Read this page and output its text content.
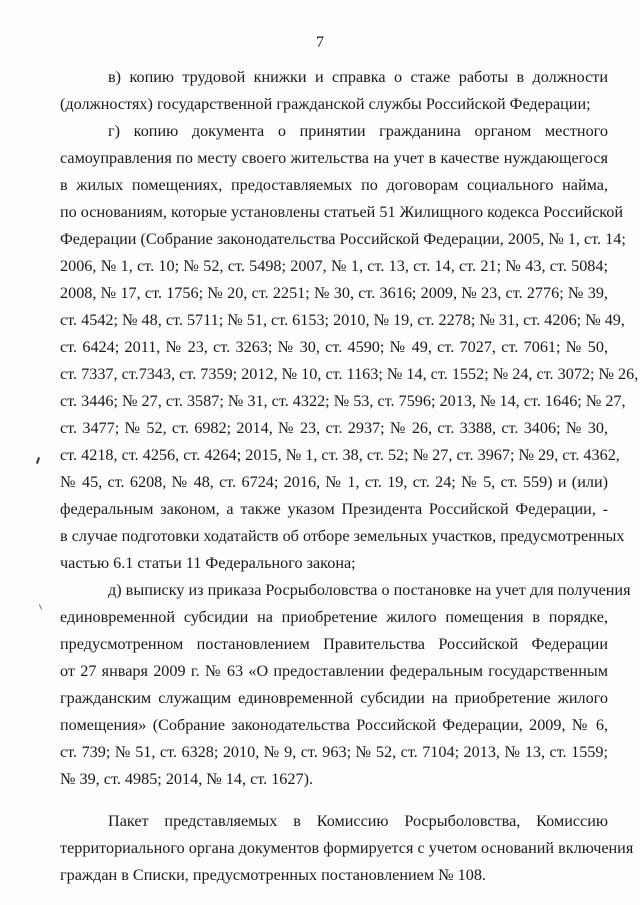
7
в) копию трудовой книжки и справка о стаже работы в должности
(должностях) государственной гражданской службы Российской Федерации;
г) копию документа о принятии гражданина органом местного
самоуправления по месту своего жительства на учет в качестве нуждающегося
в жилых помещениях, предоставляемых по договорам социального найма,
по основаниям, которые установлены статьей 51 Жилищного кодекса Российской
Федерации (Собрание законодательства Российской Федерации, 2005, № 1, ст. 14;
2006, № 1, ст. 10; № 52, ст. 5498; 2007, № 1, ст. 13, ст. 14, ст. 21; № 43, ст. 5084;
2008, № 17, ст. 1756; № 20, ст. 2251; № 30, ст. 3616; 2009, № 23, ст. 2776; № 39,
ст. 4542; № 48, ст. 5711; № 51, ст. 6153; 2010, № 19, ст. 2278; № 31, ст. 4206; № 49,
ст. 6424; 2011, № 23, ст. 3263; № 30, ст. 4590; № 49, ст. 7027, ст. 7061; № 50,
ст. 7337, ст.7343, ст. 7359; 2012, № 10, ст. 1163; № 14, ст. 1552; № 24, ст. 3072; № 26,
ст. 3446; № 27, ст. 3587; № 31, ст. 4322; № 53, ст. 7596; 2013, № 14, ст. 1646; № 27,
ст. 3477; № 52, ст. 6982; 2014, № 23, ст. 2937; № 26, ст. 3388, ст. 3406; № 30,
ст. 4218, ст. 4256, ст. 4264; 2015, № 1, ст. 38, ст. 52; № 27, ст. 3967; № 29, ст. 4362,
№ 45, ст. 6208, № 48, ст. 6724; 2016, № 1, ст. 19, ст. 24; № 5, ст. 559) и (или)
федеральным законом, а также указом Президента Российской Федерации, -
в случае подготовки ходатайств об отборе земельных участков, предусмотренных
частью 6.1 статьи 11 Федерального закона;
д) выписку из приказа Росрыболовства о постановке на учет для получения
единовременной субсидии на приобретение жилого помещения в порядке,
предусмотренном постановлением Правительства Российской Федерации
от 27 января 2009 г. № 63 «О предоставлении федеральным государственным
гражданским служащим единовременной субсидии на приобретение жилого
помещения» (Собрание законодательства Российской Федерации, 2009, № 6,
ст. 739; № 51, ст. 6328; 2010, № 9, ст. 963; № 52, ст. 7104; 2013, № 13, ст. 1559;
№ 39, ст. 4985; 2014, № 14, ст. 1627).
Пакет представляемых в Комиссию Росрыболовства, Комиссию
территориального органа документов формируется с учетом оснований включения
граждан в Списки, предусмотренных постановлением № 108.
